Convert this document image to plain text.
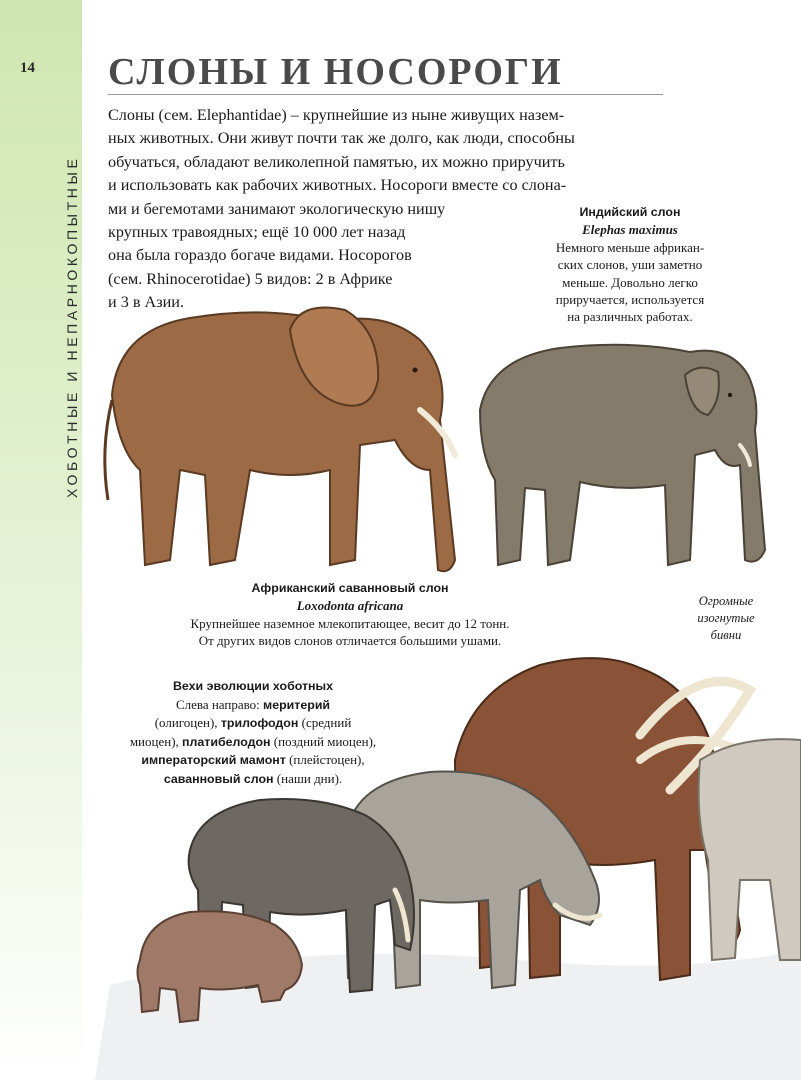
14
ХОБОТНЫЕ И НЕПАРНОКОПЫТНЫЕ
СЛОНЫ И НОСОРОГИ
Слоны (сем. Elephantidae) – крупнейшие из ныне живущих назем-
ных животных. Они живут почти так же долго, как люди, способны
обучаться, обладают великолепной памятью, их можно приручить
и использовать как рабочих животных. Носороги вместе со слона-
ми и бегемотами занимают экологическую нишу
крупных травоядных; ещё 10 000 лет назад
она была гораздо богаче видами. Носорогов
(сем. Rhinocerotidae) 5 видов: 2 в Африке
и 3 в Азии.
Индийский слон
Elephas maximus
Немного меньше африкан-
ских слонов, уши заметно
меньше. Довольно легко
приручается, используется
на различных работах.
Африканский саванновый слон
Loxodonta africana
Крупнейшее наземное млекопитающее, весит до 12 тонн.
От других видов слонов отличается большими ушами.
Вехи эволюции хоботных
Слева направо: меритерий
(олигоцен), трилофодон (средний
миоцен), платибелодон (поздний миоцен),
императорский мамонт (плейстоцен),
саванновый слон (наши дни).
Огромные
изогнутые
бивни
